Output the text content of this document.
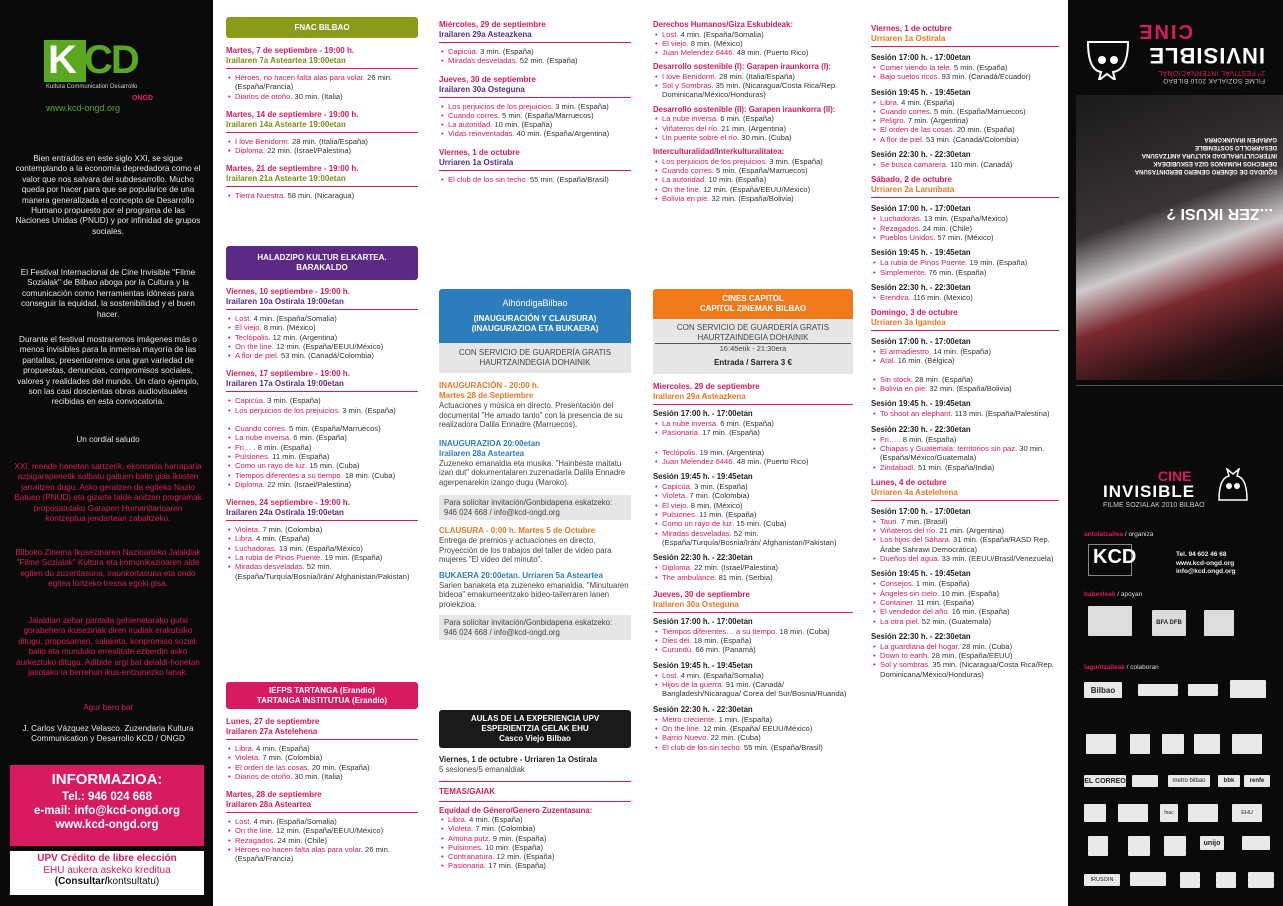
K CD
Kultura Communication Desarrollo
ONGD
www.kcd-ongd.org
Bien entrados en este siglo XXI, se sigue contemplando a la economía depredadora como el valor que nos salvara del subdesarrollo. Mucho queda por hacer para que se popularice de una manera generalizada el concepto de Desarrollo Humano propuesto por el programa de las Naciones Unidas (PNUD) y por infinidad de grupos sociales.
El Festival Internacional de Cine Invisible "Filme Sozialak" de Bilbao aboga por la Cultura y la comunicación como herramientas idóneas para conseguir la equidad, la sostenibilidad y el buen hacer.
Durante el festival mostraremos imágenes más o menos invisibles para la inmensa mayoría de las pantallas, presentaremos una gran variedad de propuestas, denuncias, compromisos sociales, valores y realidades del mundo. Un claro ejemplo, son las casi doscientas obras audiovisuales recibidas en esta convocatoria.
Un cordial saludo
XXI. mende honetan sartzerik, ekonomia harraparia azpigarapenetik salbatu gaituen balio gisa ikusten jarraitzen dugu. Asko geratzen da egiteko Nazio Batuen (PNUD) eta gizarte talde anitzen programak proposatutako Garapen Humanitarioaren kontzeptua jendartean zabaltzeko.
Bilboko Zinema Ikusezinaren Nazioarteko Jaialdiak "Filme Sozialak" Kultura eta komunikazioaren alde egiten du zuzentasuna, iraunkortasuna eta ondo egitea lortzeko tresna egoki gisa.
Jaialdian zehar pantaila gehienetarako gutxi gorabehera ikusezinak diren irudiak erakutsiko ditugu, proposamen, salaketa, konpromiso sozial, balio eta munduko errealitate ezberdin asko aurkeztuko ditugu. Adibide argi bat deialdi-honetan jasotako ia berrehun ikus-entzunezko lanak.
Agur bero bat
J. Carlos Vázquez Velasco. Zuzendaria Kultura Communication y Desarrollo KCD / ONGD
INFORMAZIOA:
Tel.: 946 024 668
e-mail: info@kcd-ongd.org
www.kcd-ongd.org
UPV Crédito de libre elección
EHU aukera askeko kreditua
(Consultar/kontsultatu)
FNAC BILBAO
Martes, 7 de septiembre - 19:00 h.
Irailaren 7a Asteartea 19:00etan
• Héroes, no hacen falta alas para volar. 26 min. (España/Francia)
• Diarios de otoño. 30 min. (Italia)
Martes, 14 de septiembre - 19:00 h.
Irailaren 14a Astearte 19:00etan
• I love Benidorm. 28 min. (Italia/España)
• Diploma. 22 min. (Israel/Palestina)
Martes, 21 de septiembre - 19:00 h.
Irailaren 21a Astearte 19:00etan
• Tierra Nuestra. 58 min. (Nicaragua)
HALADZIPO KULTUR ELKARTEA.
BARAKALDO
Viernes, 10 septiembre - 19:00 h.
Irailaren 10a Ostirala 19:00etan
• Lost. 4 min. (España/Somalia)
• El viejo. 8 min. (México)
• Teclópolis. 12 min. (Argentina)
• On the line. 12 min. (España/EEUU/México)
• A flor de piel. 53 min. (Canadá/Colombia)
Viernes, 17 septiembre - 19:00 h.
Irailaren 17a Ostirala 19:00etan
• Capicúa. 3 min. (España)
• Los perjuicios de los prejuicios. 3 min. (España)
• Cuando corres. 5 min. (España/Marruecos)
• La nube inversa. 6 min. (España)
• Fri… . 8 min. (España)
• Pulsiones. 11 min. (España)
• Como un rayo de luz. 15 min. (Cuba)
• Tiempos diferentes a su tiempo. 18 min. (Cuba)
• Diploma. 22 min. (Israel/Palestina)
Viernes, 24 septiembre - 19:00 h.
Irailaren 24a Ostirala 19:00etan
• Violeta. 7 min. (Colombia)
• Libra. 4 min. (España)
• Luchadoras. 13 min. (España/México)
• La rubia de Pinos Puente. 19 min. (España)
• Miradas desveladas. 52 min. (España/Turquía/Bosnia/Irán/ Afghanistan/Pakistan)
IEFPS TARTANGA (Erandio)
TARTANGA INSTITUTUA (Erandio)
Lunes, 27 de septiembre
Irailaren 27a Astelehena
• Libra. 4 min. (España)
• Violeta. 7 min. (Colombia)
• El orden de las cosas. 20 min. (España)
• Diarios de otoño. 30 min. (Italia)
Martes, 28 de septiembre
Irailaren 28a Asteartea
• Lost. 4 min. (España/Somalia)
• On the line. 12 min. (España/EEUU/México)
• Rezagados. 24 min. (Chile)
• Héroes no hacen falta alas para volar. 26 min. (España/Francia)
Miércoles, 29 de septiembre
Irailaren 29a Asteazkena
• Capicúa. 3 min. (España)
• Miradas desveladas. 52 min. (España)
Jueves, 30 de septiembre
Irailaren 30a Osteguna
• Los perjuicios de los prejuicios. 3 min. (España)
• Cuando corres. 5 min. (España/Marruecos)
• La autoridad. 10 min. (España)
• Vidas reinventadas. 40 min. (España/Argentina)
Viernes, 1 de octubre
Urriaren 1a Ostirala
• El club de los sin techo. 55 min. (España/Brasil)
AlhóndigaBilbao
(INAUGURACIÓN Y CLAUSURA)
(INAUGURAZIOA ETA BUKAERA)
CON SERVICIO DE GUARDERÍA GRATIS HAURTZAINDEGIA DOHAINIK
INAUGURACIÓN - 20:00 h.
Martes 28 de Septiembre
Actuaciones y música en directo. Presentación del documental "He amado tanto" con la presencia de su realizadora Dalila Ennadre (Marruecos).
INAUGURAZIOA 20:00etan
Irailaren 28a Asteartea
Zuzeneko emanaldia eta musika. "Hainbeste maitatu izan dut" dokumentalaren zuzenadaria Dalila Ennadre agerpenarekin izango dugu (Maroko).
Para solicitar invitación/Gonbidapena eskatzeko: 946 024 668 / info@kcd-ongd.org
CLAUSURA - 0:00 h. Martes 5 de Octubre
Entrega de premios y actuaciones en directo. Proyección de los trabajos del taller de video para mujeres "El video del minuto".
BUKAERA 20:00etan. Urriaren 5a Asteartea
Sarien banaketa eta zuzeneko emanaldia. "Minutuaren bideoa" emakumeentzako bideo-tailerraren lanen proiekzioa.
Para solicitar invitación/Gonbidapena eskatzeko: 946 024 668 / info@kcd-ongd.org
AULAS DE LA EXPERIENCIA UPV
ESPERIENTZIA GELAK EHU
Casco Viejo Bilbao
Viernes, 1 de octubre - Urriaren 1a Ostirala
5 sesiones/5 emanaldiak
TEMAS/GAIAK
Equidad de Género/Genero Zuzentasuna:
• Libra. 4 min. (España)
• Violeta. 7 min. (Colombia)
• Amona putz. 9 min. (España)
• Pulsiones. 10 min. (España)
• Contranatura. 12 min. (España)
• Pasionaria. 17 min. (España)
Derechos Humanos/Giza Eskubideak:
• Lost. 4 min. (España/Somalia)
• El viejo. 8 min. (México)
• Juan Melendez 6446. 48 min. (Puerto Rico)
Desarrollo sostenible (I): Garapen iraunkorra (I):
• I love Benidorm. 28 min. (Italia/España)
• Sol y Sombras. 35 min. (Nicaragua/Costa Rica/Rep. Dominicana/México/Honduras)
Desarrollo sostenible (II): Garapen iraunkorra (II):
• La nube inversa. 6 min. (España)
• Viñateros del río. 21 min. (Argentina)
• Un puente sobre el río. 30 min. (Cuba)
Interculturalidad/Interkulturalitatea:
• Los perjuicios de los prejuicios. 3 min. (España)
• Cuando corres. 5 min. (España/Marruecos)
• La autoridad. 10 min. (España)
• On the line. 12 min. (España/EEUU/México)
• Bolivia en pie. 32 min. (España/Bolivia)
CINES CAPITOL
CAPITOL ZINEMAK BILBAO
CON SERVICIO DE GUARDERÍA GRATIS
HAURTZAINDEGIA DOHAINIK
16:45etik - 21:30era
Entrada / Sarrera 3 €
Miercoles, 29 de septiembre
Irailaren 29a Asteazkena
Sesión 17:00 h. - 17:00etan
• La nube inversa. 6 min. (España)
• Pasionaria. 17 min. (España)
• Teclópolis. 19 min. (Argentina)
• Juan Melendez 6446. 48 min. (Puerto Rico)
Sesión 19:45 h. - 19:45etan
• Capicúa. 3 min. (España)
• Violeta. 7 min. (Colombia)
• El viejo. 8 min. (México)
• Pulsiones. 11 min. (España)
• Como un rayo de luz. 15 min. (Cuba)
• Miradas desveladas. 52 min. (España/Turquía/Bosnia/Irán/ Afghanistan/Pakistan)
Sesión 22:30 h. - 22:30etan
• Diploma. 22 min. (Israel/Palestina)
• The ambulance. 81 min. (Serbia)
Jueves, 30 de septiembre
Irailaren 30a Osteguna
Sesión 17:00 h. - 17:00etan
• Tiempos diferentes… a su tiempo. 18 min. (Cuba)
• Dies dei. 18 min. (España)
• Curundú. 66 min. (Panamá)
Sesión 19:45 h. - 19:45etan
• Lost. 4 min. (España/Somalia)
• Hijos de la guerra. 91 min. (Canadá/ Bangladesh/Nicaragua/ Corea del Sur/Bosnia/Ruanda)
Sesión 22:30 h. - 22:30etan
• Metro creciente. 1 min. (España)
• On the line. 12 min. (España/ EEUU/México)
• Barrio Nuevo. 22 min. (Cuba)
• El club de los sin techo. 55 min. (España/Brasil)
Viernes, 1 de octubre
Urriaren 1a Ostirala
Sesión 17:00 h. - 17:00etan
• Comer viendo la tele. 5 min. (España)
• Bajo suelos ricos. 93 min. (Canadá/Ecuador)
Sesión 19:45 h. - 19:45etan
• Libra. 4 min. (España)
• Cuando corres. 5 min. (España/Marruecos)
• Peligro. 7 min. (Argentina)
• El orden de las cosas. 20 min. (España)
• A flor de piel. 53 min. (Canadá/Colombia)
Sesión 22:30 h. - 22:30etan
• Se busca camarera. 110 min. (Canadá)
Sábado, 2 de octubre
Urriaren 2a Larunbata
Sesión 17:00 h. - 17:00etan
• Luchadoras. 13 min. (España/México)
• Rezagados. 24 min. (Chile)
• Pueblos Unidos. 57 min. (México)
Sesión 19:45 h. - 19:45etan
• La rubia de Pinos Puente. 19 min. (España)
• Simplemente. 76 min. (España)
Sesión 22:30 h. - 22:30etan
• Erendira. 116 min. (México)
Domingo, 3 de octubre
Urriaren 3a Igandea
Sesión 17:00 h. - 17:00etan
• El armadiestro. 14 min. (España)
• Aral. 16 min. (Bélgica)
• Sin stock. 28 min. (España)
• Bolivia en pie. 32 min. (España/Bolivia)
Sesión 19:45 h. - 19:45etan
• To shoot an elephant. 113 min. (España/Palestina)
Sesión 22:30 h. - 22:30etan
• Fri… . 8 min. (España)
• Chiapas y Guatemala: territorios sin paz. 30 min. (España/México/Guatemala)
• Zindabad!. 51 min. (España/India)
Lunes, 4 de octubre
Urriaren 4a Astelehena
Sesión 17:00 h. - 17:00etan
• Tauri. 7 min. (Brasil)
• Viñateros del río. 21 min. (Argentina)
• Los hijos del Sáhara. 31 min. (España/RASD Rep. Árabe Sahrawi Democrática)
• Dueños del agua. 33 min. (EEUU/Brasil/Venezuela)
Sesión 19:45 h. - 19:45etan
• Consejos. 1 min. (España)
• Ángeles sin cielo. 10 min. (España)
• Container. 11 min. (España)
• El vendedor del año. 16 min. (España)
• La otra piel. 52 min. (Guatemala)
Sesión 22:30 h. - 22:30etan
• La guardiana del hogar. 28 min. (Cuba)
• Down to earth. 28 min. (España/EEUU)
• Sol y sombras. 35 min. (Nicaragua/Costa Rica/Rep. Dominicana/México/Honduras)
FILME SOZIALAK 2010 BILBAO
2º FESTIVAL INTERNACIONAL
INVISIBLE
CINE
EQUIDAD DE GÉNERO GENERO BERDINTASUNA
DERECHOS HUMANOS GIZA ESKUBIDEAK
INTERCULTURALIDAD KULTURA ANITZASUNA
DESARROLLO SOSTENIBLE
GARAPEN IRAUNKORRA
...ZER IKUSI ?
CINE
INVISIBLE
FILME SOZIALAK 2010 BILBAO
antolatzailea / organiza
KCD	Tel. 94 602 46 68
www.kcd-ongd.org
info@kcd.ongd.org
babesleak / apoyan
BFA DFB
laguntzaileak / colaboran
Bilbao
EL CORREO	metro bilbao	bbk	renfe
fnac	EHU
unijo
IRUSOIN
